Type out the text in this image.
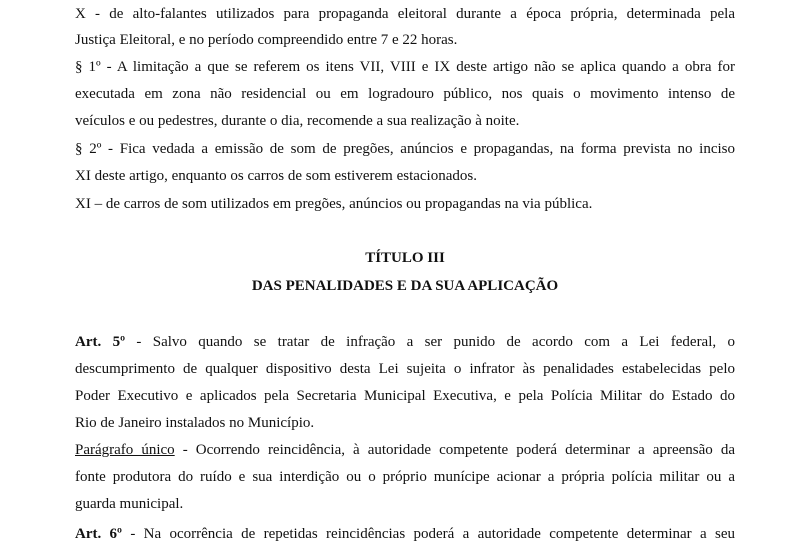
X - de alto-falantes utilizados para propaganda eleitoral durante a época própria, determinada pela
Justiça Eleitoral, e no período compreendido entre 7 e 22 horas.
§ 1º - A limitação a que se referem os itens VII, VIII e IX deste artigo não se aplica quando a obra for
executada em zona não residencial ou em logradouro público, nos quais o movimento intenso de
veículos e ou pedestres, durante o dia, recomende a sua realização à noite.
§ 2º - Fica vedada a emissão de som de pregões, anúncios e propagandas, na forma prevista no inciso
XI deste artigo, enquanto os carros de som estiverem estacionados.
XI – de carros de som utilizados em pregões, anúncios ou propagandas na via pública.
TÍTULO III
DAS PENALIDADES E DA SUA APLICAÇÃO
Art. 5º - Salvo quando se tratar de infração a ser punido de acordo com a Lei federal, o
descumprimento de qualquer dispositivo desta Lei sujeita o infrator às penalidades estabelecidas pelo
Poder Executivo e aplicados pela Secretaria Municipal Executiva, e pela Polícia Militar do Estado do
Rio de Janeiro instalados no Município.
Parágrafo único - Ocorrendo reincidência, à autoridade competente poderá determinar a apreensão da
fonte produtora do ruído e sua interdição ou o próprio munícipe acionar a própria polícia militar ou a
guarda municipal.
Art. 6º - Na ocorrência de repetidas reincidências poderá a autoridade competente determinar a seu
